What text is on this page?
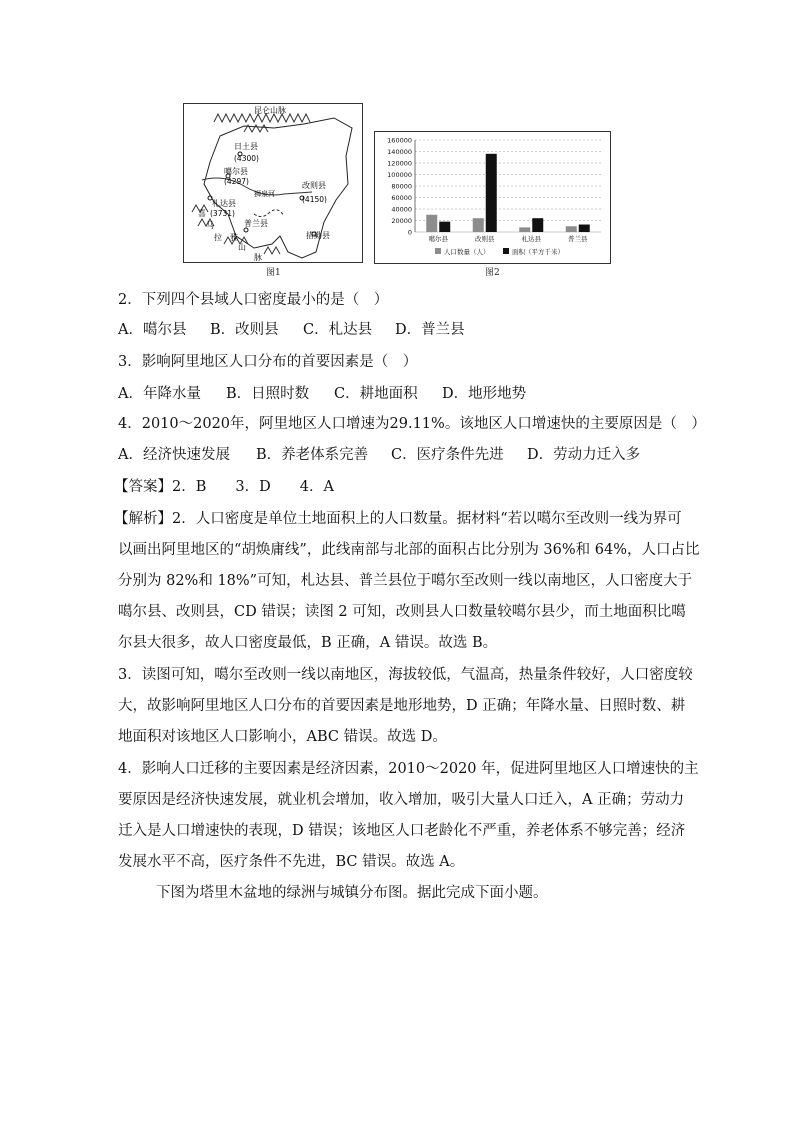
昆仑山脉
日土县
(4300)
噶尔县
(4297)
狮泉河
改则县
(4150)
札达县
(3731)
喜
马
拉 雅
山
脉
普兰县
措勤县
图1
0
20000
40000
60000
80000
100000
120000
140000
160000
噶尔县	改则县	札达县	普兰县
人口数量（人）	面积（平方千米）
图2
2．下列四个县域人口密度最小的是（　）
A．噶尔县 B．改则县 C．札达县 D．普兰县
3．影响阿里地区人口分布的首要因素是（　）
A．年降水量 B．日照时数 C．耕地面积 D．地形地势
4．2010～2020年，阿里地区人口增速为29.11%。该地区人口增速快的主要原因是（　）
A．经济快速发展 B．养老体系完善 C．医疗条件先进 D．劳动力迁入多
【答案】2．B　　3．D　　4．A
【解析】2．人口密度是单位土地面积上的人口数量。据材料“若以噶尔至改则一线为界可
以画出阿里地区的“胡焕庸线”，此线南部与北部的面积占比分别为 36%和 64%，人口占比
分别为 82%和 18%”可知，札达县、普兰县位于噶尔至改则一线以南地区，人口密度大于
噶尔县、改则县，CD 错误；读图 2 可知，改则县人口数量较噶尔县少，而土地面积比噶
尔县大很多，故人口密度最低，B 正确，A 错误。故选 B。
3．读图可知，噶尔至改则一线以南地区，海拔较低，气温高，热量条件较好，人口密度较
大，故影响阿里地区人口分布的首要因素是地形地势，D 正确；年降水量、日照时数、耕
地面积对该地区人口影响小，ABC 错误。故选 D。
4．影响人口迁移的主要因素是经济因素，2010～2020 年，促进阿里地区人口增速快的主
要原因是经济快速发展，就业机会增加，收入增加，吸引大量人口迁入，A 正确；劳动力
迁入是人口增速快的表现，D 错误；该地区人口老龄化不严重，养老体系不够完善；经济
发展水平不高，医疗条件不先进，BC 错误。故选 A。
下图为塔里木盆地的绿洲与城镇分布图。据此完成下面小题。
